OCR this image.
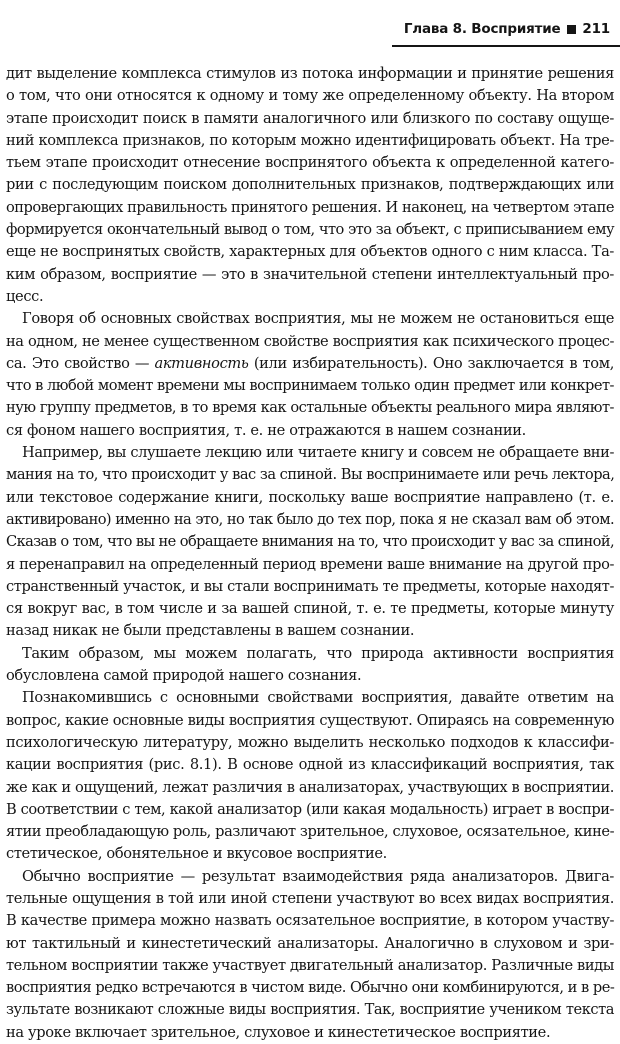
Глава 8. Восприятие 211
дит выделение комплекса стимулов из потока информации и принятие решения
о том, что они относятся к одному и тому же определенному объекту. На втором
этапе происходит поиск в памяти аналогичного или близкого по составу ощуще-
ний комплекса признаков, по которым можно идентифицировать объект. На тре-
тьем этапе происходит отнесение воспринятого объекта к определенной катего-
рии с последующим поиском дополнительных признаков, подтверждающих или
опровергающих правильность принятого решения. И наконец, на четвертом этапе
формируется окончательный вывод о том, что это за объект, с приписыванием ему
еще не воспринятых свойств, характерных для объектов одного с ним класса. Та-
ким образом, восприятие — это в значительной степени интеллектуальный про-
цесс.
Говоря об основных свойствах восприятия, мы не можем не остановиться еще
на одном, не менее существенном свойстве восприятия как психического процес-
са. Это свойство — активность (или избирательность). Оно заключается в том,
что в любой момент времени мы воспринимаем только один предмет или конкрет-
ную группу предметов, в то время как остальные объекты реального мира являют-
ся фоном нашего восприятия, т. е. не отражаются в нашем сознании.
Например, вы слушаете лекцию или читаете книгу и совсем не обращаете вни-
мания на то, что происходит у вас за спиной. Вы воспринимаете или речь лектора,
или текстовое содержание книги, поскольку ваше восприятие направлено (т. е.
активировано) именно на это, но так было до тех пор, пока я не сказал вам об этом.
Сказав о том, что вы не обращаете внимания на то, что происходит у вас за спиной,
я перенаправил на определенный период времени ваше внимание на другой про-
странственный участок, и вы стали воспринимать те предметы, которые находят-
ся вокруг вас, в том числе и за вашей спиной, т. е. те предметы, которые минуту
назад никак не были представлены в вашем сознании.
Таким образом, мы можем полагать, что природа активности восприятия
обусловлена самой природой нашего сознания.
Познакомившись с основными свойствами восприятия, давайте ответим на
вопрос, какие основные виды восприятия существуют. Опираясь на современную
психологическую литературу, можно выделить несколько подходов к классифи-
кации восприятия (рис. 8.1). В основе одной из классификаций восприятия, так
же как и ощущений, лежат различия в анализаторах, участвующих в восприятии.
В соответствии с тем, какой анализатор (или какая модальность) играет в воспри-
ятии преобладающую роль, различают зрительное, слуховое, осязательное, кине-
стетическое, обонятельное и вкусовое восприятие.
Обычно восприятие — результат взаимодействия ряда анализаторов. Двига-
тельные ощущения в той или иной степени участвуют во всех видах восприятия.
В качестве примера можно назвать осязательное восприятие, в котором участву-
ют тактильный и кинестетический анализаторы. Аналогично в слуховом и зри-
тельном восприятии также участвует двигательный анализатор. Различные виды
восприятия редко встречаются в чистом виде. Обычно они комбинируются, и в ре-
зультате возникают сложные виды восприятия. Так, восприятие учеником текста
на уроке включает зрительное, слуховое и кинестетическое восприятие.
